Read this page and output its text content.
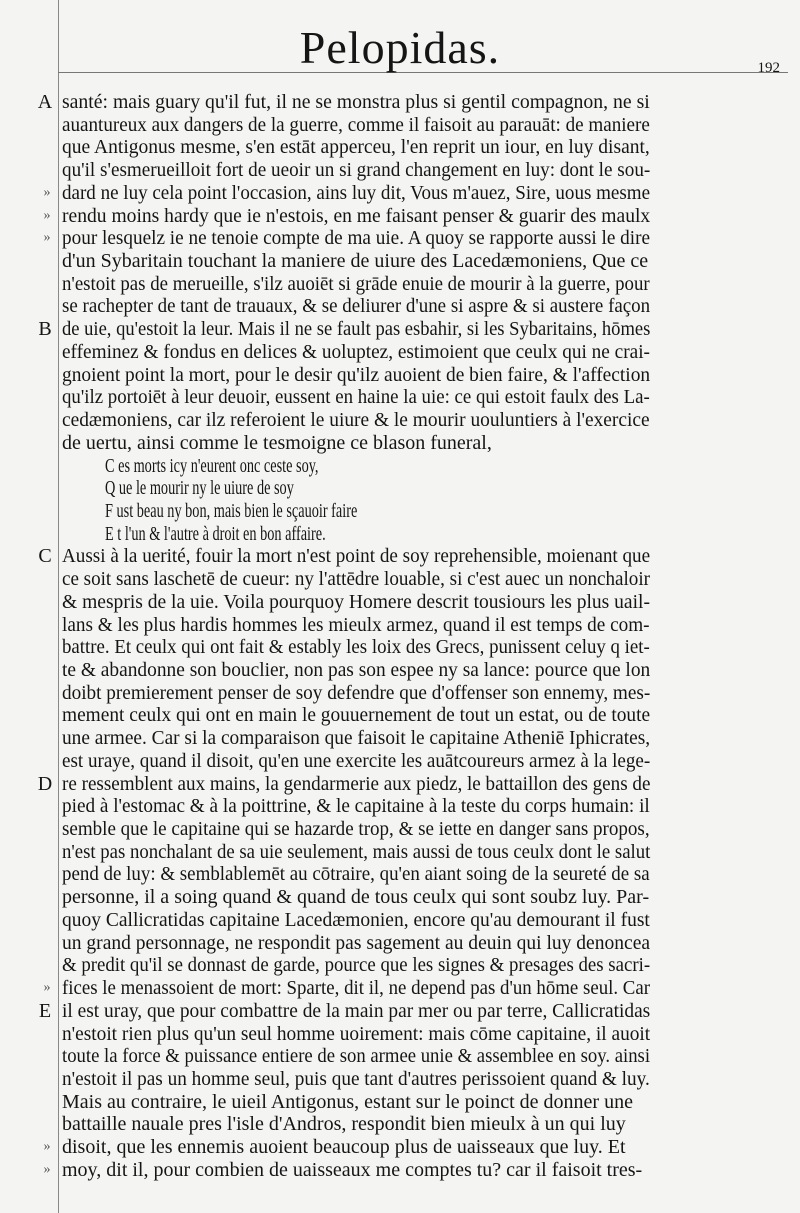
Pelopidas.	192
santé: mais guary qu'il fut, il ne se monstra plus si gentil compagnon, ne si
A
auantureux aux dangers de la guerre, comme il faisoit au parauāt: de maniere
que Antigonus mesme, s'en estāt apperceu, l'en reprit un iour, en luy disant,
qu'il s'esmerueilloit fort de ueoir un si grand changement en luy: dont le sou-
dard ne luy cela point l'occasion, ains luy dit, Vous m'auez, Sire, uous mesme
»
rendu moins hardy que ie n'estois, en me faisant penser & guarir des maulx
»
pour lesquelz ie ne tenoie compte de ma uie. A quoy se rapporte aussi le dire
»
d'un Sybaritain touchant la maniere de uiure des Lacedæmoniens, Que ce
n'estoit pas de merueille, s'ilz auoiēt si grāde enuie de mourir à la guerre, pour
se rachepter de tant de trauaux, & se deliurer d'une si aspre & si austere façon
de uie, qu'estoit la leur. Mais il ne se fault pas esbahir, si les Sybaritains, hōmes
B
effeminez & fondus en delices & uoluptez, estimoient que ceulx qui ne crai-
gnoient point la mort, pour le desir qu'ilz auoient de bien faire, & l'affection
qu'ilz portoiēt à leur deuoir, eussent en haine la uie: ce qui estoit faulx des La-
cedæmoniens, car ilz referoient le uiure & le mourir uouluntiers à l'exercice
de uertu, ainsi comme le tesmoigne ce blason funeral,
C es morts icy n'eurent onc ceste soy,
Q ue le mourir ny le uiure de soy
F ust beau ny bon, mais bien le sçauoir faire
E t l'un & l'autre à droit en bon affaire.
Aussi à la uerité, fouir la mort n'est point de soy reprehensible, moienant que
C
ce soit sans laschetē de cueur: ny l'attēdre louable, si c'est auec un nonchaloir
& mespris de la uie. Voila pourquoy Homere descrit tousiours les plus uail-
lans & les plus hardis hommes les mieulx armez, quand il est temps de com-
battre. Et ceulx qui ont fait & estably les loix des Grecs, punissent celuy q iet-
te & abandonne son bouclier, non pas son espee ny sa lance: pource que lon
doibt premierement penser de soy defendre que d'offenser son ennemy, mes-
mement ceulx qui ont en main le gouuernement de tout un estat, ou de toute
une armee. Car si la comparaison que faisoit le capitaine Atheniē Iphicrates,
est uraye, quand il disoit, qu'en une exercite les auātcoureurs armez à la lege-
re ressemblent aux mains, la gendarmerie aux piedz, le battaillon des gens de
D
pied à l'estomac & à la poittrine, & le capitaine à la teste du corps humain: il
semble que le capitaine qui se hazarde trop, & se iette en danger sans propos,
n'est pas nonchalant de sa uie seulement, mais aussi de tous ceulx dont le salut
pend de luy: & semblablemēt au cōtraire, qu'en aiant soing de la seureté de sa
personne, il a soing quand & quand de tous ceulx qui sont soubz luy. Par-
quoy Callicratidas capitaine Lacedæmonien, encore qu'au demourant il fust
un grand personnage, ne respondit pas sagement au deuin qui luy denoncea
& predit qu'il se donnast de garde, pource que les signes & presages des sacri-
fices le menassoient de mort: Sparte, dit il, ne depend pas d'un hōme seul. Car
»
il est uray, que pour combattre de la main par mer ou par terre, Callicratidas
E
n'estoit rien plus qu'un seul homme uoirement: mais cōme capitaine, il auoit
toute la force & puissance entiere de son armee unie & assemblee en soy. ainsi
n'estoit il pas un homme seul, puis que tant d'autres perissoient quand & luy.
Mais au contraire, le uieil Antigonus, estant sur le poinct de donner une
battaille nauale pres l'isle d'Andros, respondit bien mieulx à un qui luy
disoit, que les ennemis auoient beaucoup plus de uaisseaux que luy. Et
»
moy, dit il, pour combien de uaisseaux me comptes tu? car il faisoit tres-
»
